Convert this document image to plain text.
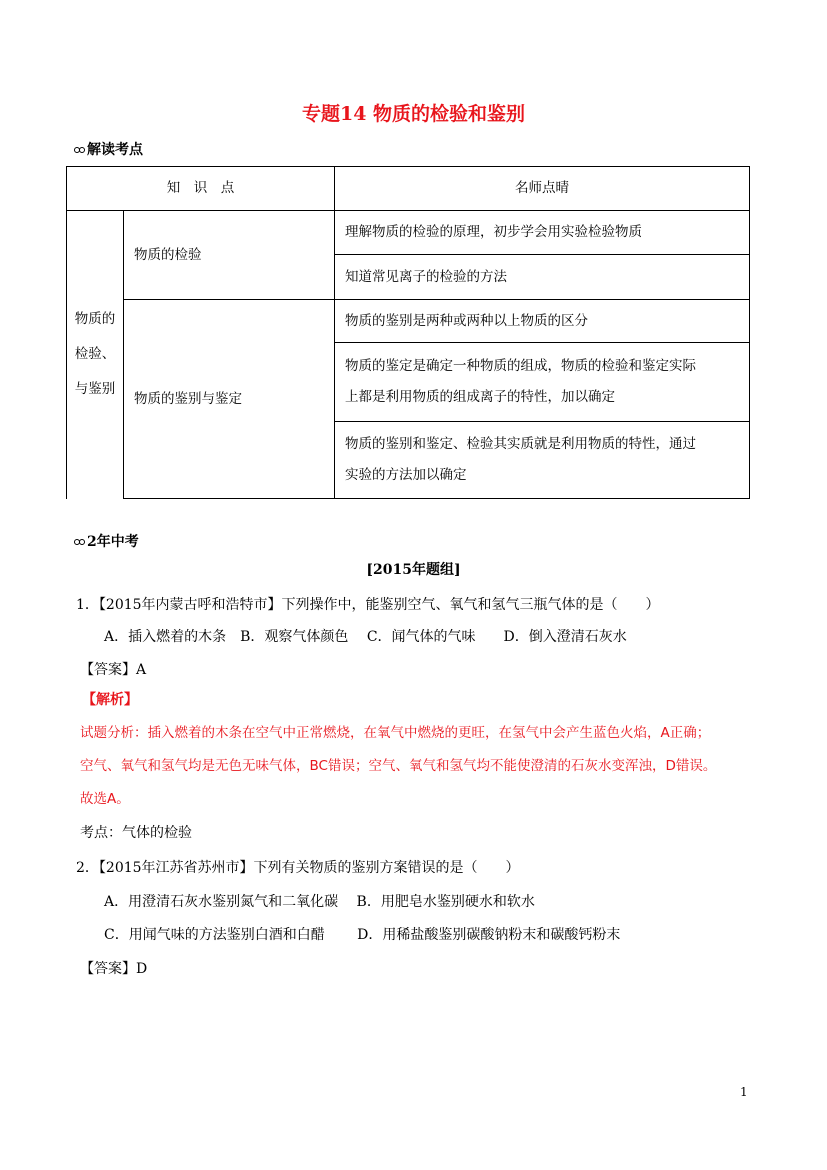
专题14 物质的检验和鉴别
解读考点
知　识　点		名师点晴

物质的
检验、
与鉴别	物质的检验	理解物质的检验的原理，初步学会用实验检验物质
		知道常见离子的检验的方法
	物质的鉴别与鉴定	物质的鉴别是两种或两种以上物质的区分

		物质的鉴定是确定一种物质的组成，物质的检验和鉴定实际
上都是利用物质的组成离子的特性，加以确定

		物质的鉴别和鉴定、检验其实质就是利用物质的特性，通过
实验的方法加以确定
2年中考
[2015年题组]
1．【2015年内蒙古呼和浩特市】下列操作中，能鉴别空气、氧气和氢气三瓶气体的是（　　）
A．插入燃着的木条　B．观察气体颜色　 C．闻气体的气味　　D．倒入澄清石灰水
【答案】A
【解析】
试题分析：插入燃着的木条在空气中正常燃烧，在氧气中燃烧的更旺，在氢气中会产生蓝色火焰，A正确；
空气、氧气和氢气均是无色无味气体，BC错误；空气、氧气和氢气均不能使澄清的石灰水变浑浊，D错误。
故选A。
考点：气体的检验
2．【2015年江苏省苏州市】下列有关物质的鉴别方案错误的是（　　）
A．用澄清石灰水鉴别氮气和二氧化碳　 B．用肥皂水鉴别硬水和软水
C．用闻气味的方法鉴别白酒和白醋　　 D．用稀盐酸鉴别碳酸钠粉末和碳酸钙粉末
【答案】D
1
